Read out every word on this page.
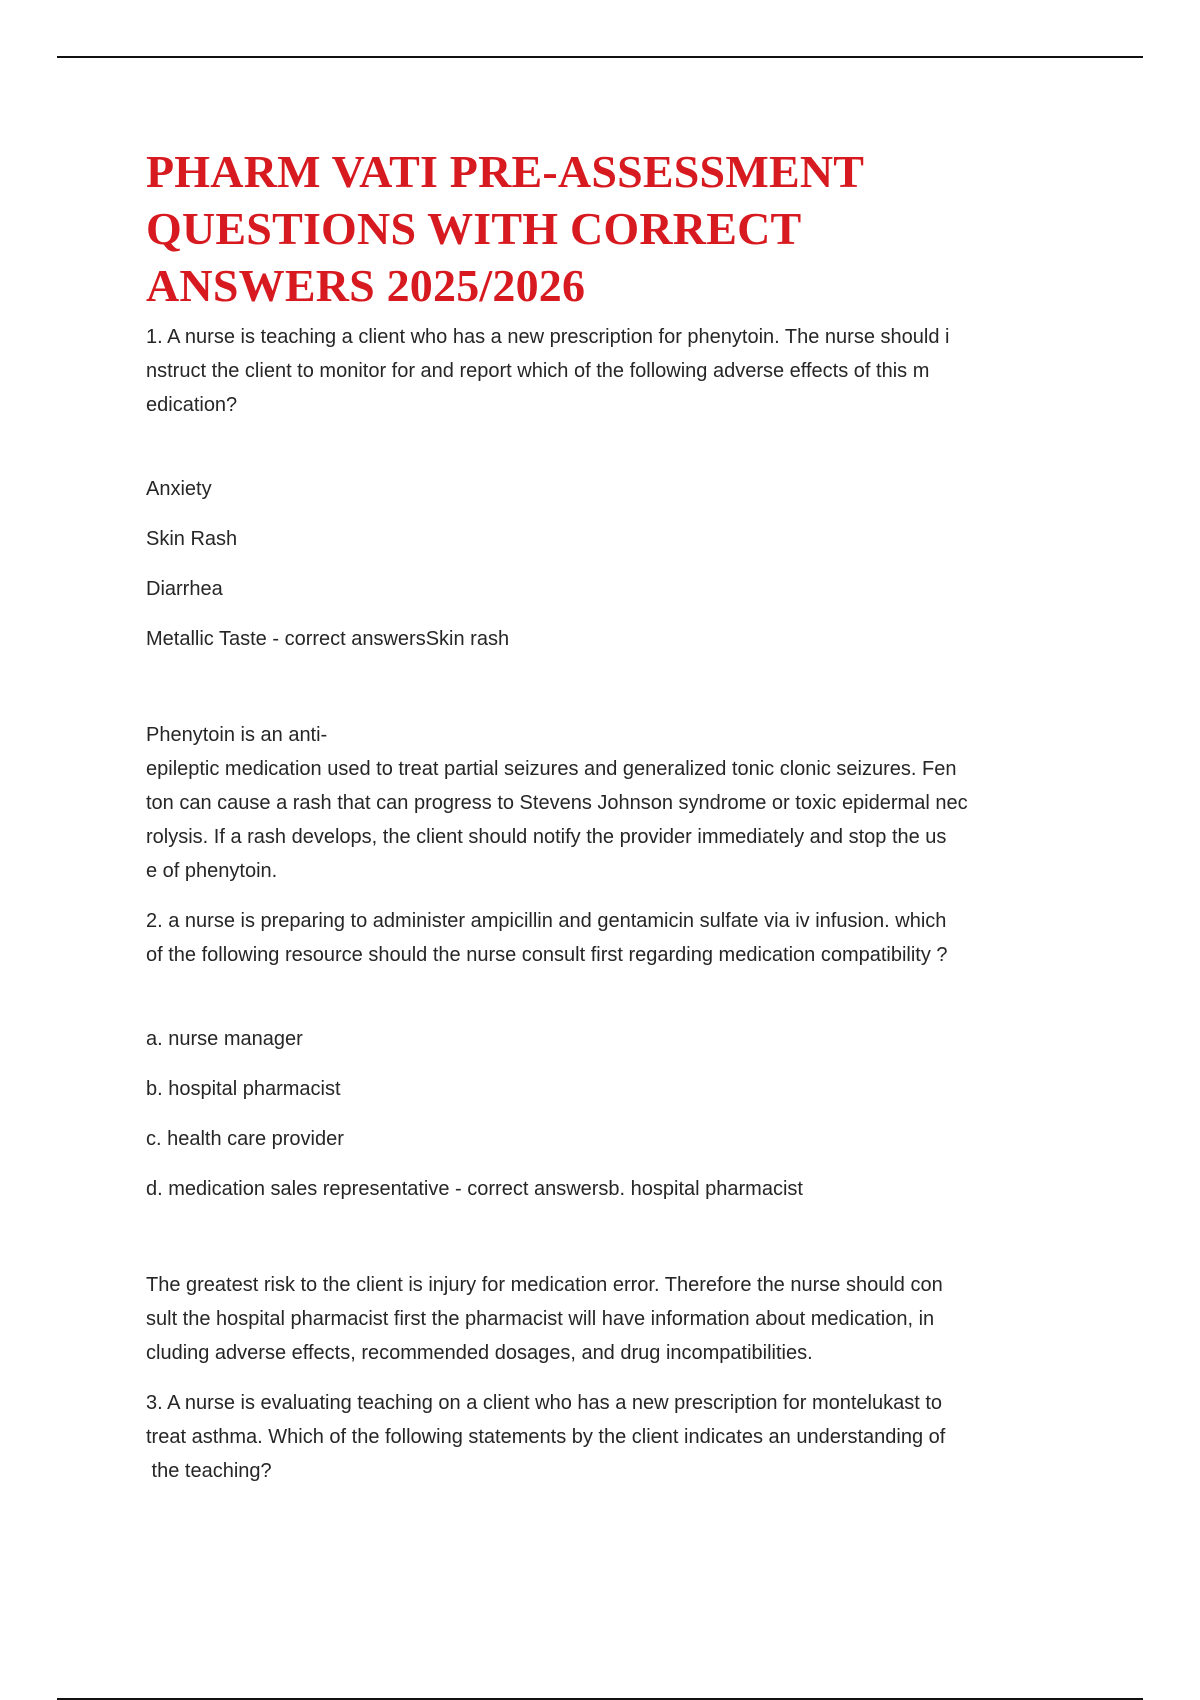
PHARM VATI PRE-ASSESSMENT
QUESTIONS WITH CORRECT
ANSWERS 2025/2026

1. A nurse is teaching a client who has a new prescription for phenytoin. The nurse should i
nstruct the client to monitor for and report which of the following adverse effects of this m
edication?

Anxiety

Skin Rash

Diarrhea

Metallic Taste - correct answersSkin rash

Phenytoin is an anti-
epileptic medication used to treat partial seizures and generalized tonic clonic seizures. Fen
ton can cause a rash that can progress to Stevens Johnson syndrome or toxic epidermal nec
rolysis. If a rash develops, the client should notify the provider immediately and stop the us
e of phenytoin.

2. a nurse is preparing to administer ampicillin and gentamicin sulfate via iv infusion. which
of the following resource should the nurse consult first regarding medication compatibility ?

a. nurse manager

b. hospital pharmacist

c. health care provider

d. medication sales representative - correct answersb. hospital pharmacist

The greatest risk to the client is injury for medication error. Therefore the nurse should con
sult the hospital pharmacist first the pharmacist will have information about medication, in
cluding adverse effects, recommended dosages, and drug incompatibilities.

3. A nurse is evaluating teaching on a client who has a new prescription for montelukast to
treat asthma. Which of the following statements by the client indicates an understanding of
the teaching?
